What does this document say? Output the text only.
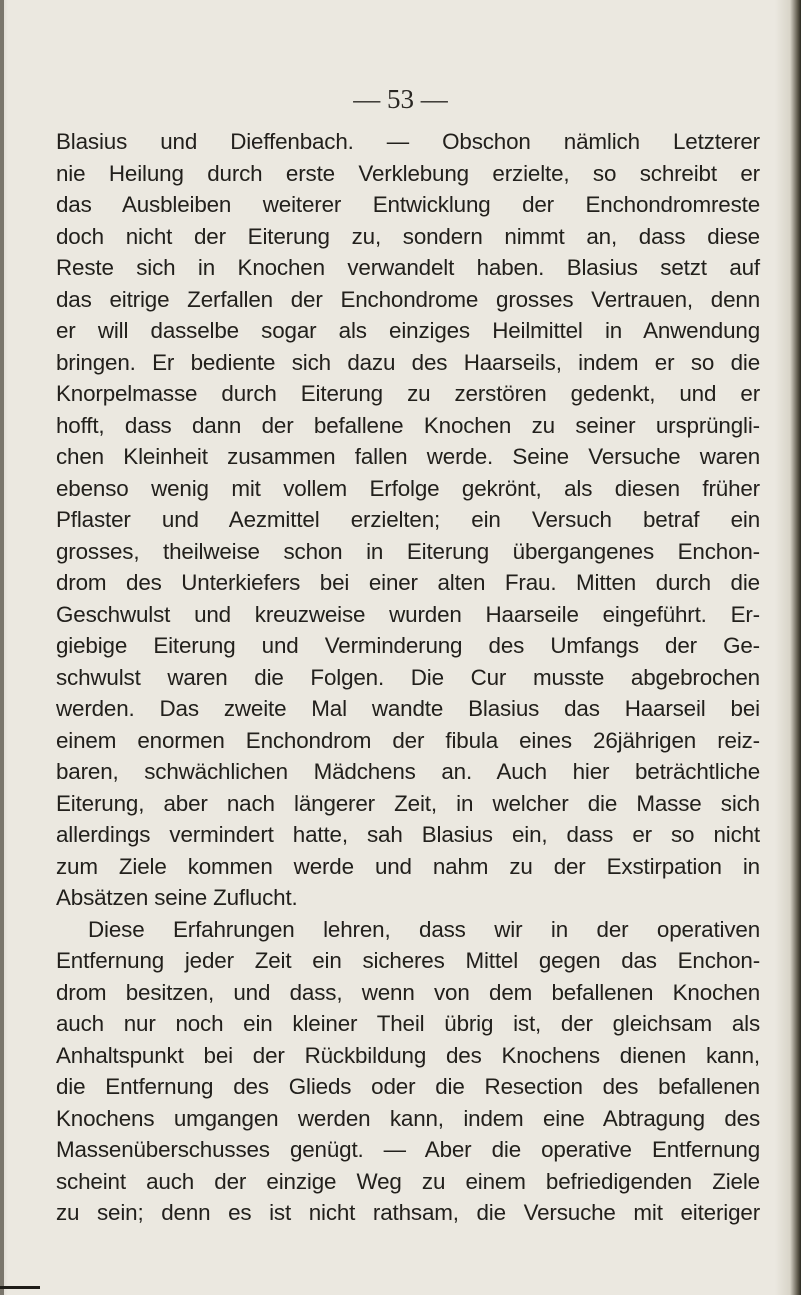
— 53 —
Blasius und Dieffenbach. — Obschon nämlich Letzterer
nie Heilung durch erste Verklebung erzielte, so schreibt er
das Ausbleiben weiterer Entwicklung der Enchondromreste
doch nicht der Eiterung zu, sondern nimmt an, dass diese
Reste sich in Knochen verwandelt haben. Blasius setzt auf
das eitrige Zerfallen der Enchondrome grosses Vertrauen, denn
er will dasselbe sogar als einziges Heilmittel in Anwendung
bringen. Er bediente sich dazu des Haarseils, indem er so die
Knorpelmasse durch Eiterung zu zerstören gedenkt, und er
hofft, dass dann der befallene Knochen zu seiner ursprüngli-
chen Kleinheit zusammen fallen werde. Seine Versuche waren
ebenso wenig mit vollem Erfolge gekrönt, als diesen früher
Pflaster und Aezmittel erzielten; ein Versuch betraf ein
grosses, theilweise schon in Eiterung übergangenes Enchon-
drom des Unterkiefers bei einer alten Frau. Mitten durch die
Geschwulst und kreuzweise wurden Haarseile eingeführt. Er-
giebige Eiterung und Verminderung des Umfangs der Ge-
schwulst waren die Folgen. Die Cur musste abgebrochen
werden. Das zweite Mal wandte Blasius das Haarseil bei
einem enormen Enchondrom der fibula eines 26jährigen reiz-
baren, schwächlichen Mädchens an. Auch hier beträchtliche
Eiterung, aber nach längerer Zeit, in welcher die Masse sich
allerdings vermindert hatte, sah Blasius ein, dass er so nicht
zum Ziele kommen werde und nahm zu der Exstirpation in
Absätzen seine Zuflucht.
Diese Erfahrungen lehren, dass wir in der operativen
Entfernung jeder Zeit ein sicheres Mittel gegen das Enchon-
drom besitzen, und dass, wenn von dem befallenen Knochen
auch nur noch ein kleiner Theil übrig ist, der gleichsam als
Anhaltspunkt bei der Rückbildung des Knochens dienen kann,
die Entfernung des Glieds oder die Resection des befallenen
Knochens umgangen werden kann, indem eine Abtragung des
Massenüberschusses genügt. — Aber die operative Entfernung
scheint auch der einzige Weg zu einem befriedigenden Ziele
zu sein; denn es ist nicht rathsam, die Versuche mit eiteriger
